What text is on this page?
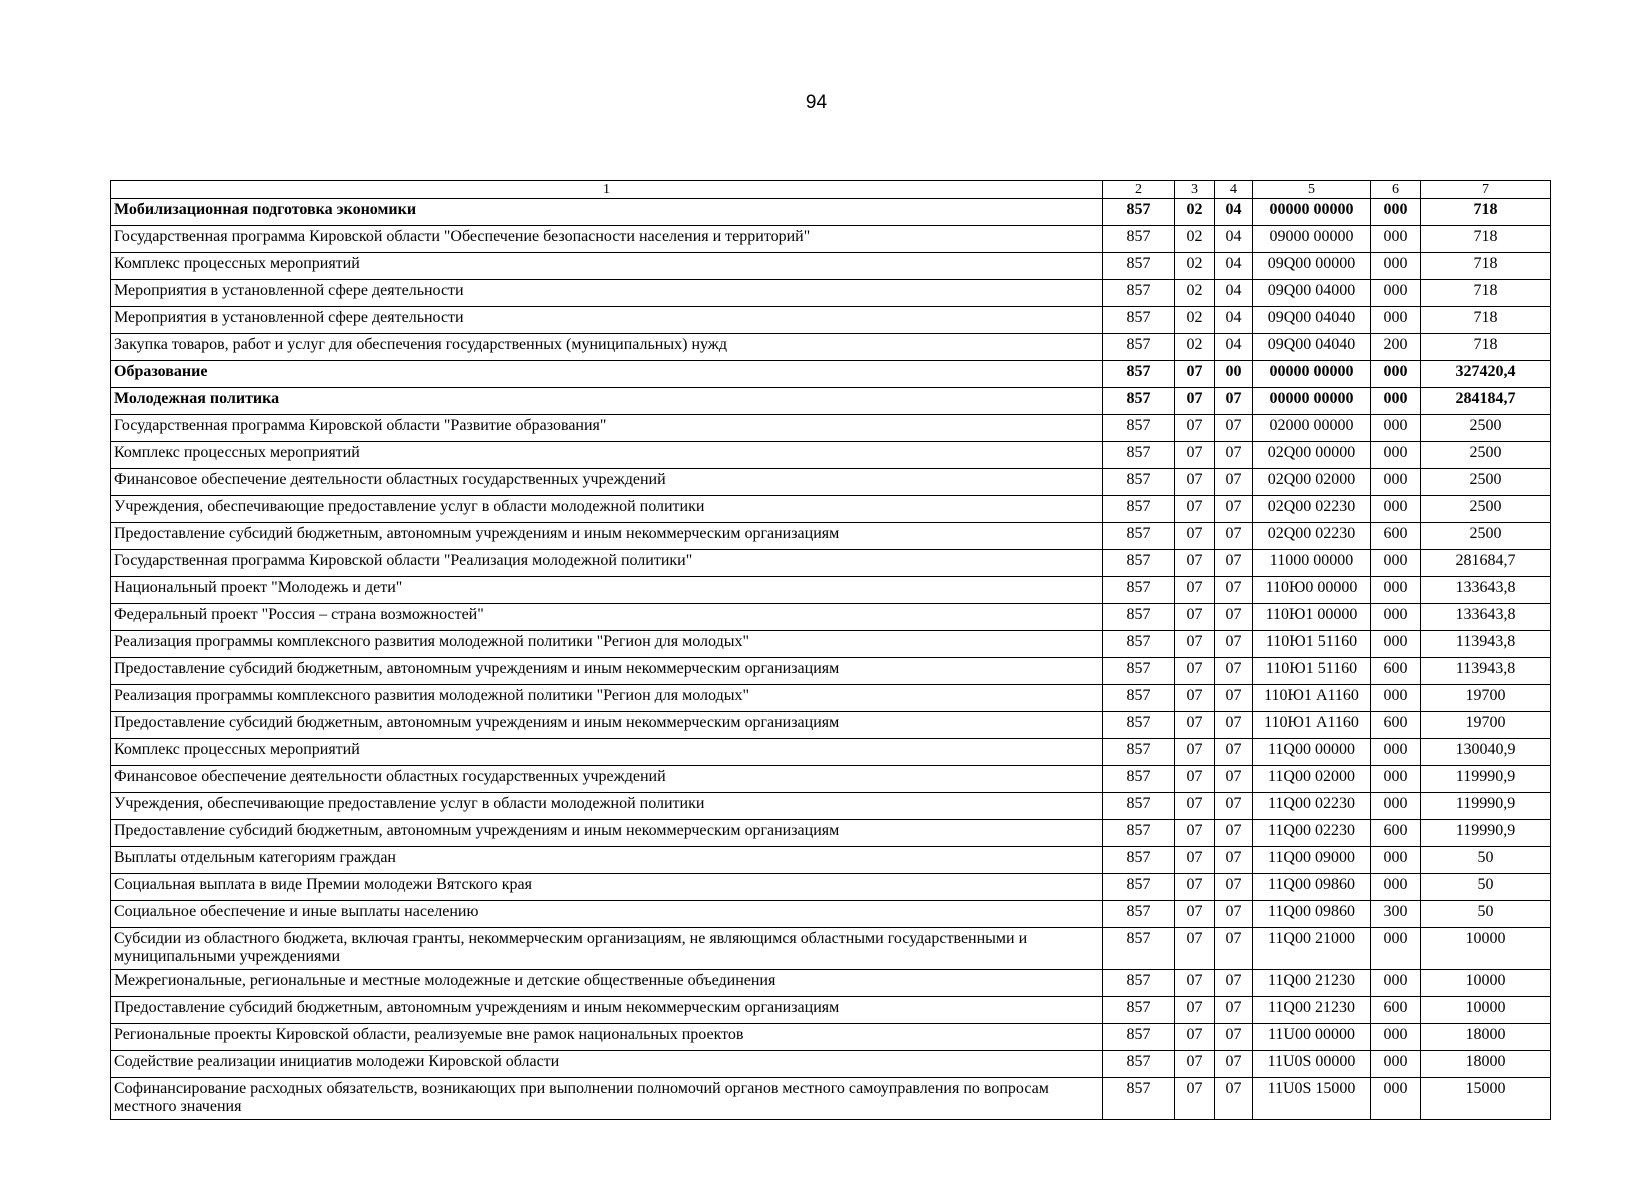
94
1	2	3	4	5	6	7
Мобилизационная подготовка экономики	857	02	04	00000 00000	000	718
Государственная программа Кировской области "Обеспечение безопасности населения и территорий"	857	02	04	09000 00000	000	718
Комплекс процессных мероприятий	857	02	04	09Q00 00000	000	718
Мероприятия в установленной сфере деятельности	857	02	04	09Q00 04000	000	718
Мероприятия в установленной сфере деятельности	857	02	04	09Q00 04040	000	718
Закупка товаров, работ и услуг для обеспечения государственных (муниципальных) нужд	857	02	04	09Q00 04040	200	718
Образование	857	07	00	00000 00000	000	327420,4
Молодежная политика	857	07	07	00000 00000	000	284184,7
Государственная программа Кировской области "Развитие образования"	857	07	07	02000 00000	000	2500
Комплекс процессных мероприятий	857	07	07	02Q00 00000	000	2500
Финансовое обеспечение деятельности областных государственных учреждений	857	07	07	02Q00 02000	000	2500
Учреждения, обеспечивающие предоставление услуг в области молодежной политики	857	07	07	02Q00 02230	000	2500
Предоставление субсидий бюджетным, автономным учреждениям и иным некоммерческим организациям	857	07	07	02Q00 02230	600	2500
Государственная программа Кировской области "Реализация молодежной политики"	857	07	07	11000 00000	000	281684,7
Национальный проект "Молодежь и дети"	857	07	07	110Ю0 00000	000	133643,8
Федеральный проект "Россия – страна возможностей"	857	07	07	110Ю1 00000	000	133643,8
Реализация программы комплексного развития молодежной политики "Регион для молодых"	857	07	07	110Ю1 51160	000	113943,8
Предоставление субсидий бюджетным, автономным учреждениям и иным некоммерческим организациям	857	07	07	110Ю1 51160	600	113943,8
Реализация программы комплексного развития молодежной политики "Регион для молодых"	857	07	07	110Ю1 А1160	000	19700
Предоставление субсидий бюджетным, автономным учреждениям и иным некоммерческим организациям	857	07	07	110Ю1 А1160	600	19700
Комплекс процессных мероприятий	857	07	07	11Q00 00000	000	130040,9
Финансовое обеспечение деятельности областных государственных учреждений	857	07	07	11Q00 02000	000	119990,9
Учреждения, обеспечивающие предоставление услуг в области молодежной политики	857	07	07	11Q00 02230	000	119990,9
Предоставление субсидий бюджетным, автономным учреждениям и иным некоммерческим организациям	857	07	07	11Q00 02230	600	119990,9
Выплаты отдельным категориям граждан	857	07	07	11Q00 09000	000	50
Социальная выплата в виде Премии молодежи Вятского края	857	07	07	11Q00 09860	000	50
Социальное обеспечение и иные выплаты населению	857	07	07	11Q00 09860	300	50
Субсидии из областного бюджета, включая гранты, некоммерческим организациям, не являющимся областными государственными и муниципальными учреждениями	857	07	07	11Q00 21000	000	10000
Межрегиональные, региональные и местные молодежные и детские общественные объединения	857	07	07	11Q00 21230	000	10000
Предоставление субсидий бюджетным, автономным учреждениям и иным некоммерческим организациям	857	07	07	11Q00 21230	600	10000
Региональные проекты Кировской области, реализуемые вне рамок национальных проектов	857	07	07	11U00 00000	000	18000
Содействие реализации инициатив молодежи Кировской области	857	07	07	11U0S 00000	000	18000
Софинансирование расходных обязательств, возникающих при выполнении полномочий органов местного самоуправления по вопросам местного значения	857	07	07	11U0S 15000	000	15000
